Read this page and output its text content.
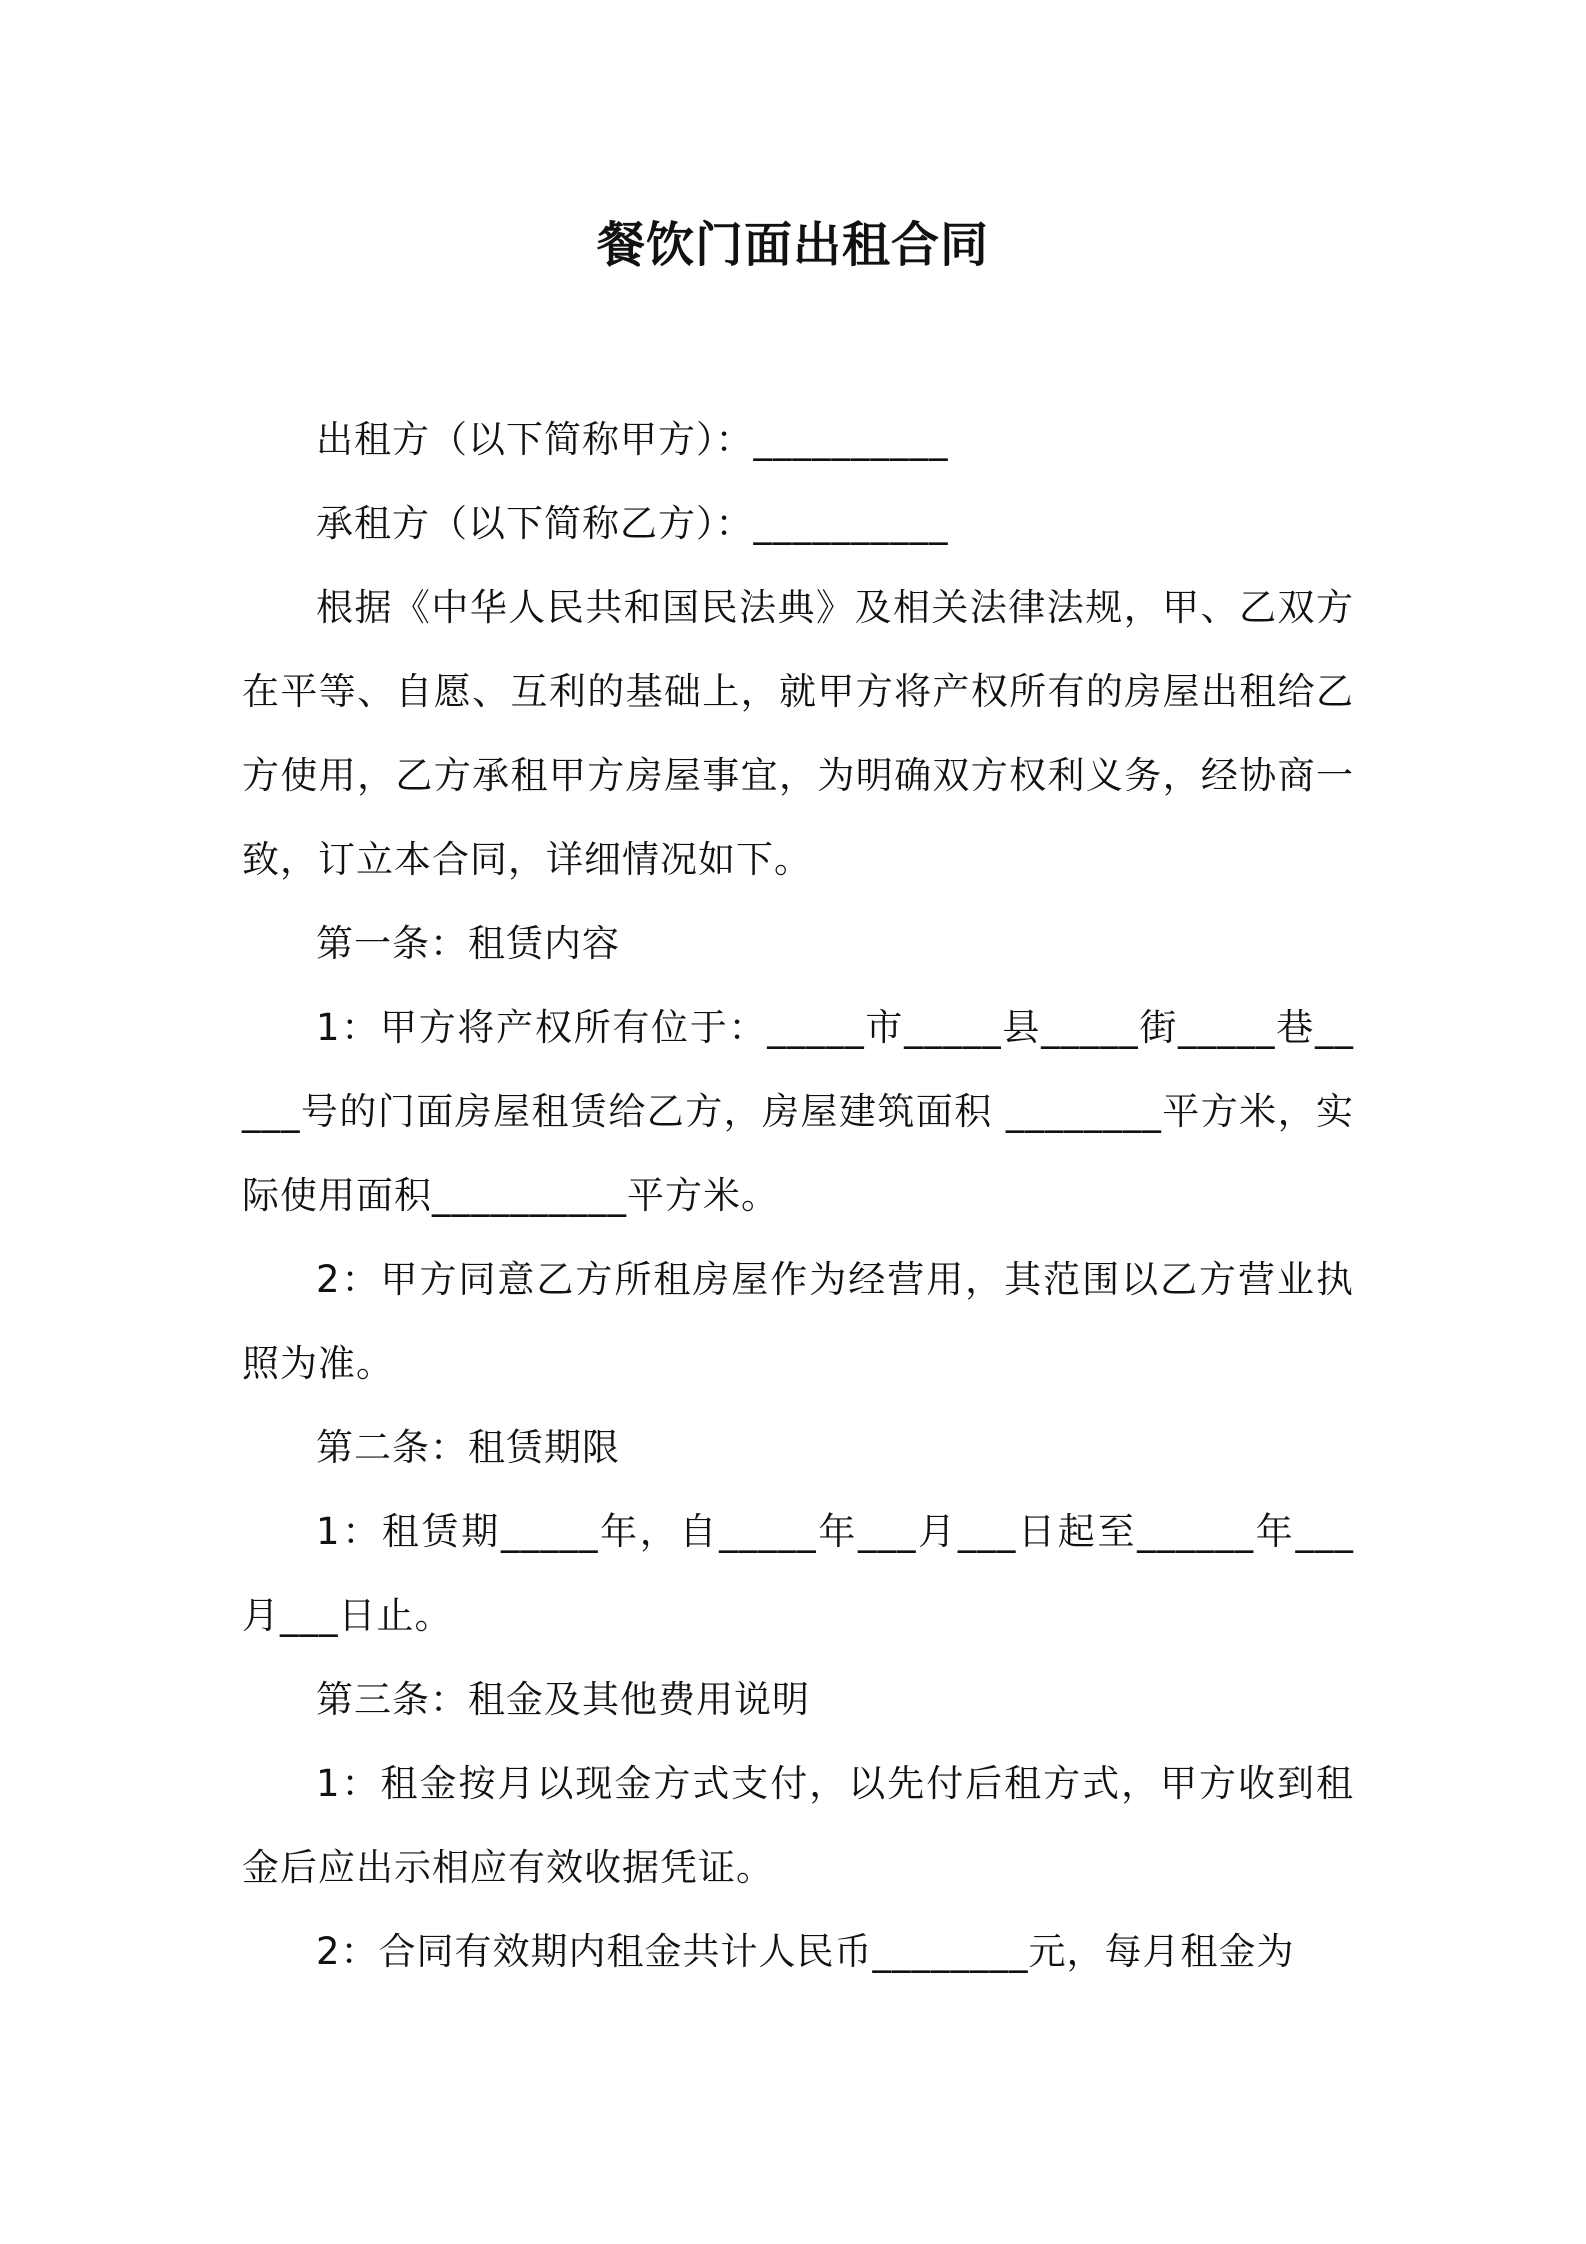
餐饮门面出租合同

出租方（以下简称甲方）：__________

承租方（以下简称乙方）：__________

根据《中华人民共和国民法典》及相关法律法规，甲、乙双方在平等、自愿、互利的基础上，就甲方将产权所有的房屋出租给乙方使用，乙方承租甲方房屋事宜，为明确双方权利义务，经协商一致，订立本合同，详细情况如下。

第一条：租赁内容

1：甲方将产权所有位于：_____市_____县_____街_____巷_____号的门面房屋租赁给乙方，房屋建筑面积 ________平方米，实际使用面积__________平方米。

2：甲方同意乙方所租房屋作为经营用，其范围以乙方营业执照为准。

第二条：租赁期限

1：租赁期_____年，自_____年___月___日起至______年___月___日止。

第三条：租金及其他费用说明

1：租金按月以现金方式支付，以先付后租方式，甲方收到租金后应出示相应有效收据凭证。

2：合同有效期内租金共计人民币________元，每月租金为
